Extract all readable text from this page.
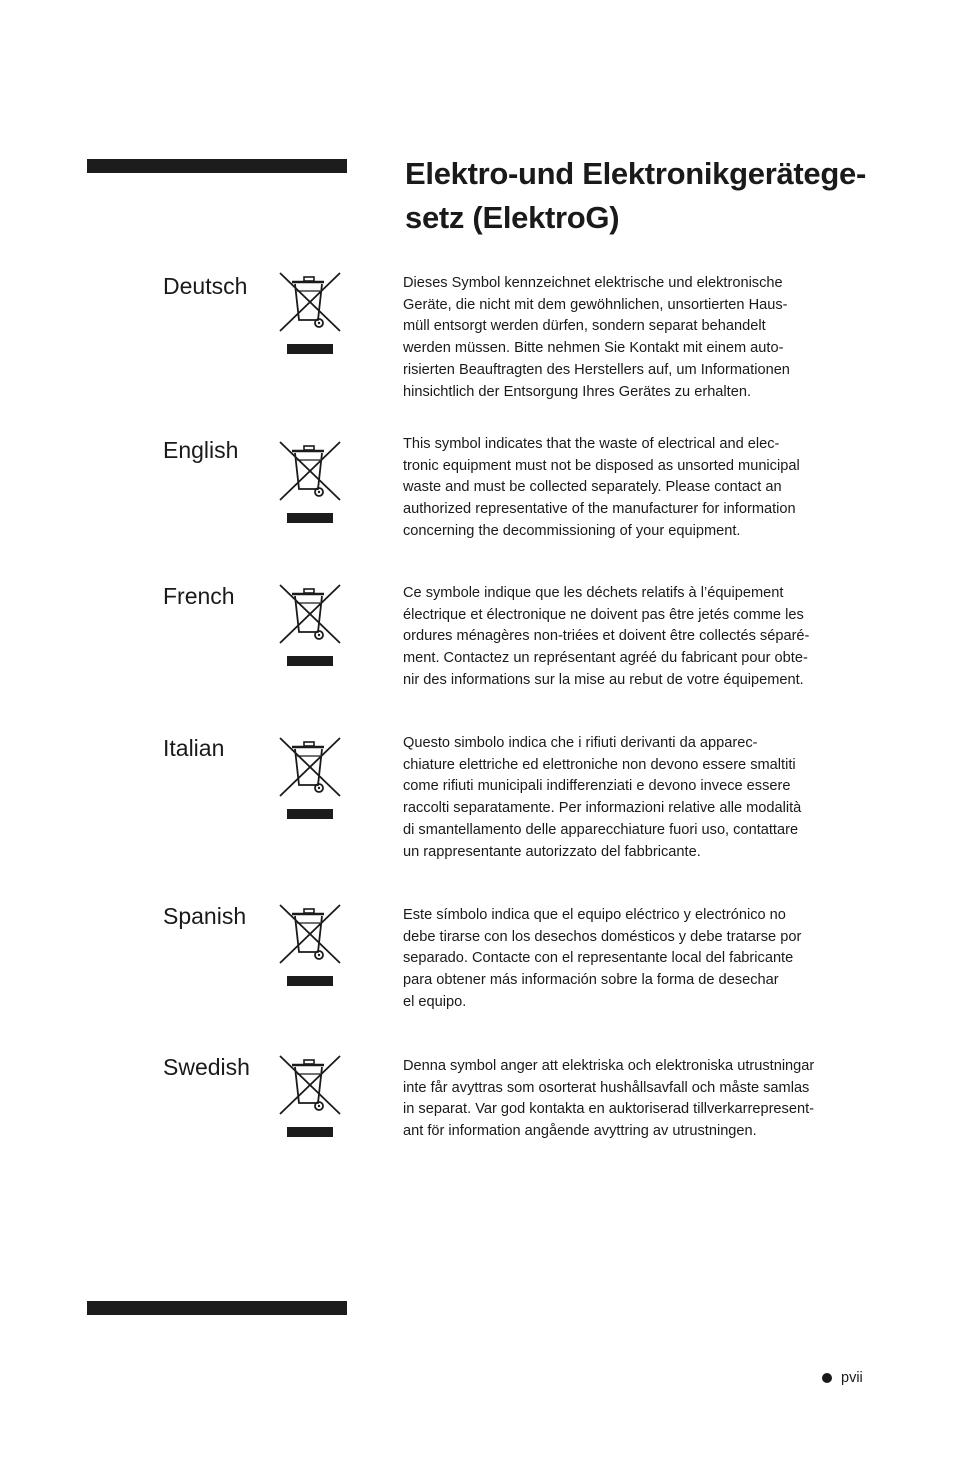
Elektro-und Elektronikgerätege-
setz (ElektroG)
Deutsch	Dieses Symbol kennzeichnet elektrische und elektronische
Geräte, die nicht mit dem gewöhnlichen, unsortierten Haus-
müll entsorgt werden dürfen, sondern separat behandelt
werden müssen. Bitte nehmen Sie Kontakt mit einem auto-
risierten Beauftragten des Herstellers auf, um Informationen
hinsichtlich der Entsorgung Ihres Gerätes zu erhalten.

English	This symbol indicates that the waste of electrical and elec-
tronic equipment must not be disposed as unsorted municipal
waste and must be collected separately. Please contact an
authorized representative of the manufacturer for information
concerning the decommissioning of your equipment.

French	Ce symbole indique que les déchets relatifs à l’équipement
électrique et électronique ne doivent pas être jetés comme les
ordures ménagères non-triées et doivent être collectés séparé-
ment. Contactez un représentant agréé du fabricant pour obte-
nir des informations sur la mise au rebut de votre équipement.

Italian	Questo simbolo indica che i rifiuti derivanti da apparec-
chiature elettriche ed elettroniche non devono essere smaltiti
come rifiuti municipali indifferenziati e devono invece essere
raccolti separatamente. Per informazioni relative alle modalità
di smantellamento delle apparecchiature fuori uso, contattare
un rappresentante autorizzato del fabbricante.

Spanish	Este símbolo indica que el equipo eléctrico y electrónico no
debe tirarse con los desechos domésticos y debe tratarse por
separado. Contacte con el representante local del fabricante
para obtener más información sobre la forma de desechar
el equipo.

Swedish	Denna symbol anger att elektriska och elektroniska utrustningar
inte får avyttras som osorterat hushållsavfall och måste samlas
in separat. Var god kontakta en auktoriserad tillverkarrepresent-
ant för information angående avyttring av utrustningen.

pvii
